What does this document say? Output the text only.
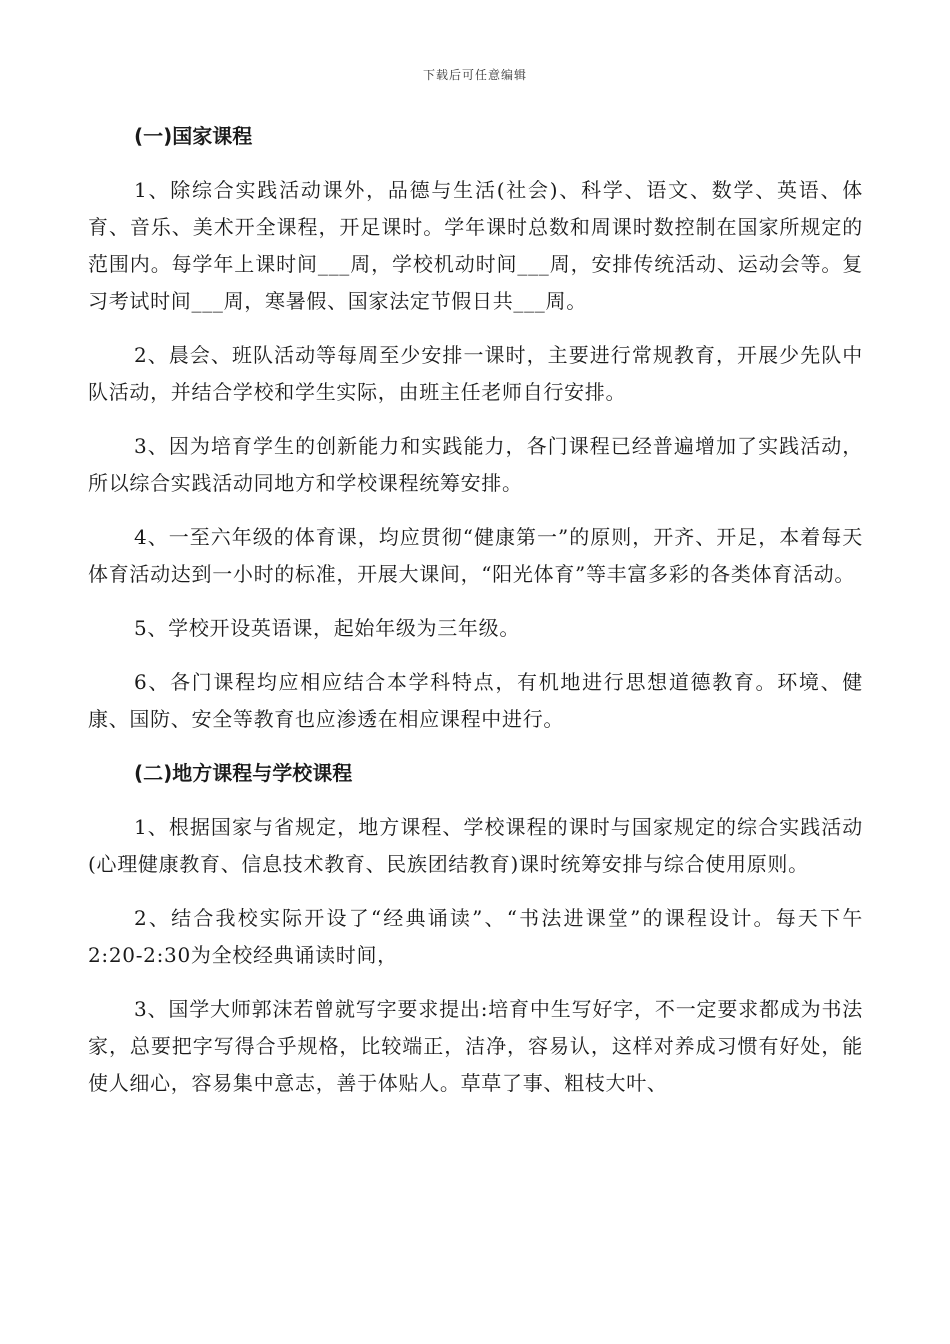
下载后可任意编辑
(一)国家课程

1、除综合实践活动课外，品德与生活(社会)、科学、语文、数学、英语、体育、音乐、美术开全课程，开足课时。学年课时总数和周课时数控制在国家所规定的范围内。每学年上课时间___周，学校机动时间___周，安排传统活动、运动会等。复习考试时间___周，寒暑假、国家法定节假日共___周。

2、晨会、班队活动等每周至少安排一课时，主要进行常规教育，开展少先队中队活动，并结合学校和学生实际，由班主任老师自行安排。

3、因为培育学生的创新能力和实践能力，各门课程已经普遍增加了实践活动，所以综合实践活动同地方和学校课程统筹安排。

4、一至六年级的体育课，均应贯彻“健康第一”的原则，开齐、开足，本着每天体育活动达到一小时的标准，开展大课间，“阳光体育”等丰富多彩的各类体育活动。

5、学校开设英语课，起始年级为三年级。

6、各门课程均应相应结合本学科特点，有机地进行思想道德教育。环境、健康、国防、安全等教育也应渗透在相应课程中进行。

(二)地方课程与学校课程

1、根据国家与省规定，地方课程、学校课程的课时与国家规定的综合实践活动(心理健康教育、信息技术教育、民族团结教育)课时统筹安排与综合使用原则。

2、结合我校实际开设了“经典诵读”、“书法进课堂”的课程设计。每天下午2:20-2:30为全校经典诵读时间，

3、国学大师郭沫若曾就写字要求提出:培育中生写好字，不一定要求都成为书法家，总要把字写得合乎规格，比较端正，洁净，容易认，这样对养成习惯有好处，能使人细心，容易集中意志，善于体贴人。草草了事、粗枝大叶、
